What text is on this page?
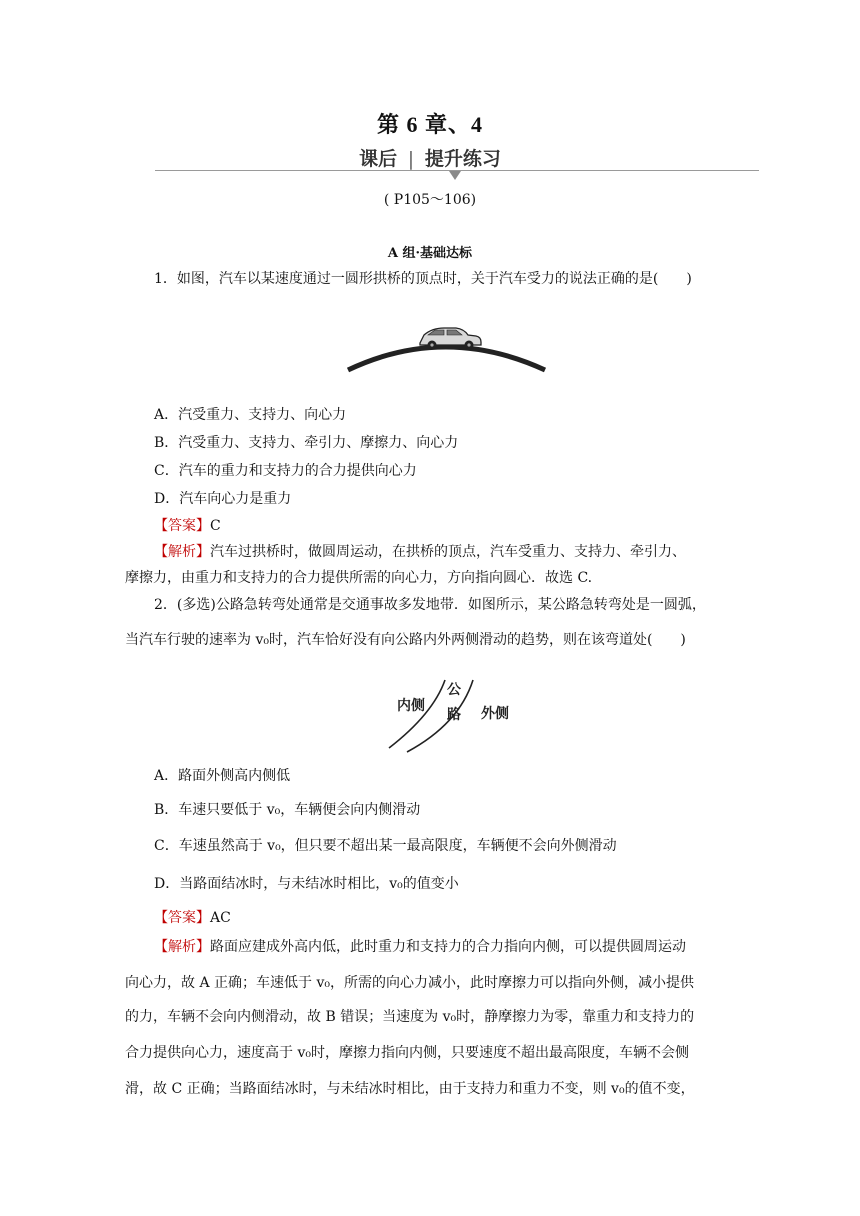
第 6 章、4
课后 | 提升练习
( P105～106)
A 组·基础达标
1．如图，汽车以某速度通过一圆形拱桥的顶点时，关于汽车受力的说法正确的是(　　)
A．汽受重力、支持力、向心力
B．汽受重力、支持力、牵引力、摩擦力、向心力
C．汽车的重力和支持力的合力提供向心力
D．汽车向心力是重力
【答案】C
【解析】汽车过拱桥时，做圆周运动，在拱桥的顶点，汽车受重力、支持力、牵引力、
摩擦力，由重力和支持力的合力提供所需的向心力，方向指向圆心．故选 C.
2．(多选)公路急转弯处通常是交通事故多发地带．如图所示，某公路急转弯处是一圆弧，
当汽车行驶的速率为 v₀时，汽车恰好没有向公路内外两侧滑动的趋势，则在该弯道处(　　)
内侧
公
路 外侧
A．路面外侧高内侧低
B．车速只要低于 v₀，车辆便会向内侧滑动
C．车速虽然高于 v₀，但只要不超出某一最高限度，车辆便不会向外侧滑动
D．当路面结冰时，与未结冰时相比，v₀的值变小
【答案】AC
【解析】路面应建成外高内低，此时重力和支持力的合力指向内侧，可以提供圆周运动
向心力，故 A 正确；车速低于 v₀，所需的向心力减小，此时摩擦力可以指向外侧，减小提供
的力，车辆不会向内侧滑动，故 B 错误；当速度为 v₀时，静摩擦力为零，靠重力和支持力的
合力提供向心力，速度高于 v₀时，摩擦力指向内侧，只要速度不超出最高限度，车辆不会侧
滑，故 C 正确；当路面结冰时，与未结冰时相比，由于支持力和重力不变，则 v₀的值不变，
